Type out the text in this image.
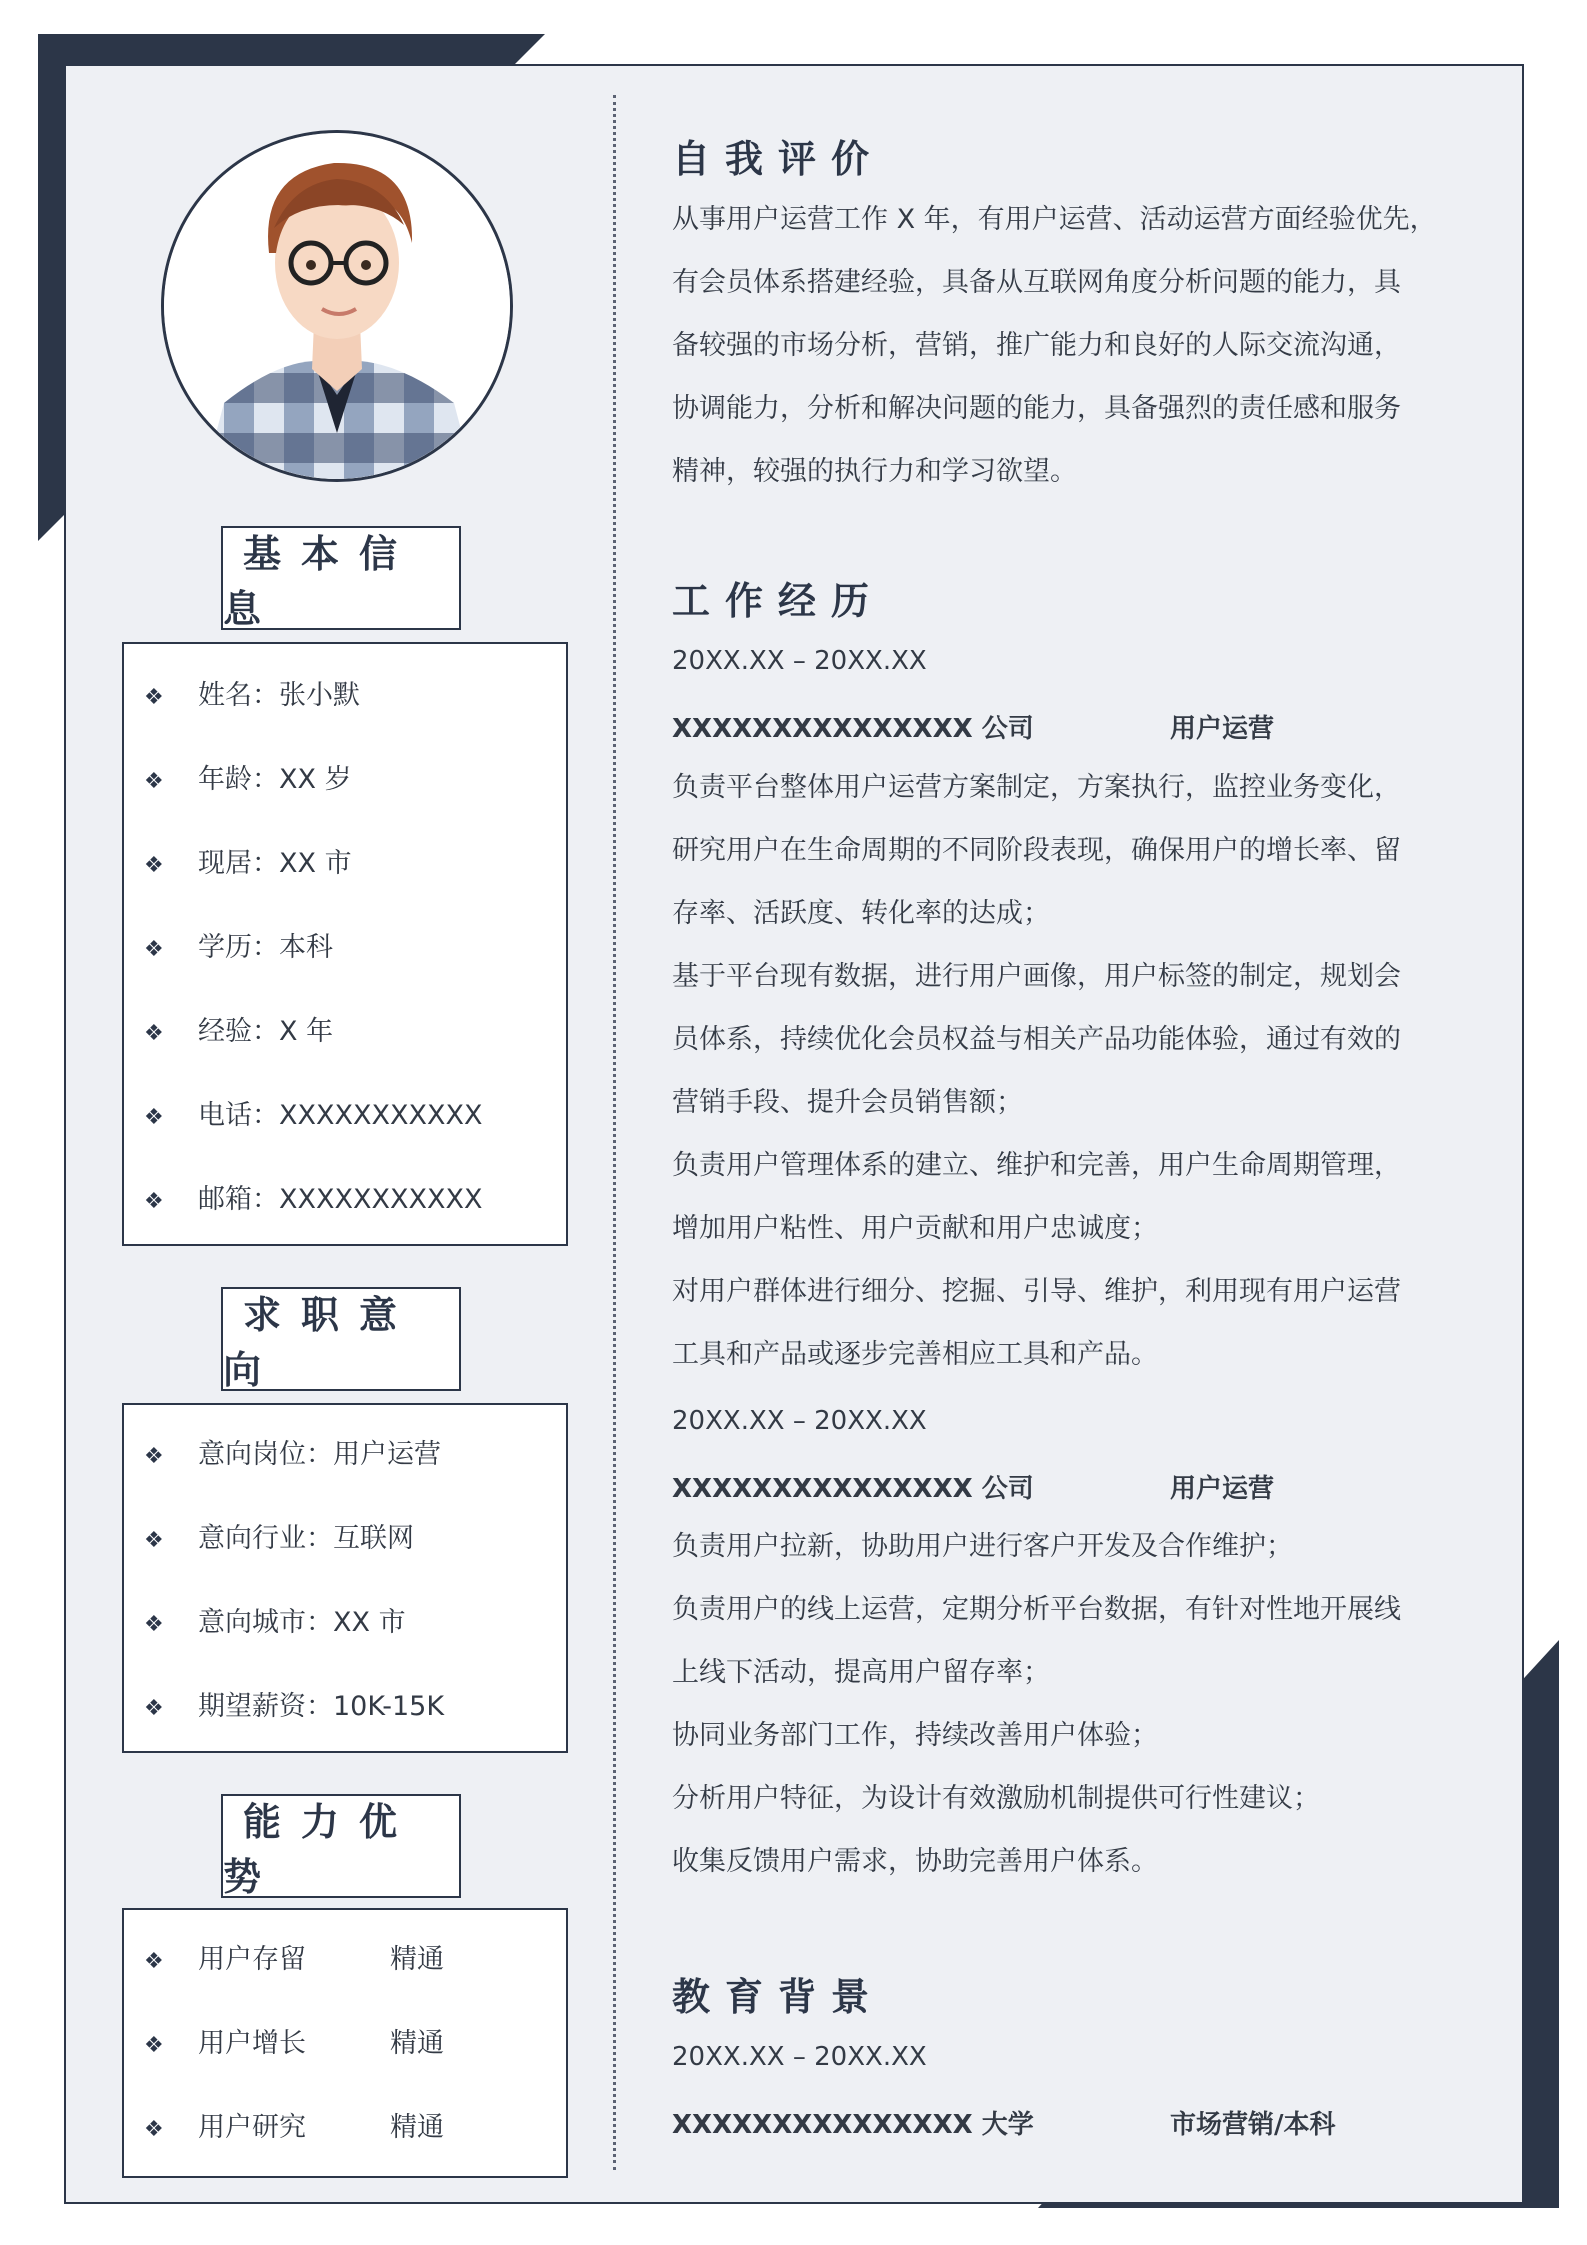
基本信息
❖ 姓名：张小默
❖ 年龄：XX 岁
❖ 现居：XX 市
❖ 学历：本科
❖ 经验：X 年
❖ 电话：XXXXXXXXXXX
❖ 邮箱：XXXXXXXXXXX
求职意向
❖ 意向岗位：用户运营
❖ 意向行业：互联网
❖ 意向城市：XX 市
❖ 期望薪资：10K-15K
能力优势
❖ 用户存留	精通
❖ 用户增长	精通
❖ 用户研究	精通
自我评价
从事用户运营工作 X 年，有用户运营、活动运营方面经验优先，
有会员体系搭建经验，具备从互联网角度分析问题的能力，具
备较强的市场分析，营销，推广能力和良好的人际交流沟通，
协调能力，分析和解决问题的能力，具备强烈的责任感和服务
精神，较强的执行力和学习欲望。
工作经历
20XX.XX – 20XX.XX
XXXXXXXXXXXXXXX 公司	用户运营
负责平台整体用户运营方案制定，方案执行，监控业务变化，
研究用户在生命周期的不同阶段表现，确保用户的增长率、留
存率、活跃度、转化率的达成；
基于平台现有数据，进行用户画像，用户标签的制定，规划会
员体系，持续优化会员权益与相关产品功能体验，通过有效的
营销手段、提升会员销售额；
负责用户管理体系的建立、维护和完善，用户生命周期管理，
增加用户粘性、用户贡献和用户忠诚度；
对用户群体进行细分、挖掘、引导、维护，利用现有用户运营
工具和产品或逐步完善相应工具和产品。
20XX.XX – 20XX.XX
XXXXXXXXXXXXXXX 公司	用户运营
负责用户拉新，协助用户进行客户开发及合作维护；
负责用户的线上运营，定期分析平台数据，有针对性地开展线
上线下活动，提高用户留存率；
协同业务部门工作，持续改善用户体验；
分析用户特征，为设计有效激励机制提供可行性建议；
收集反馈用户需求，协助完善用户体系。
教育背景
20XX.XX – 20XX.XX
XXXXXXXXXXXXXXX 大学	市场营销/本科
